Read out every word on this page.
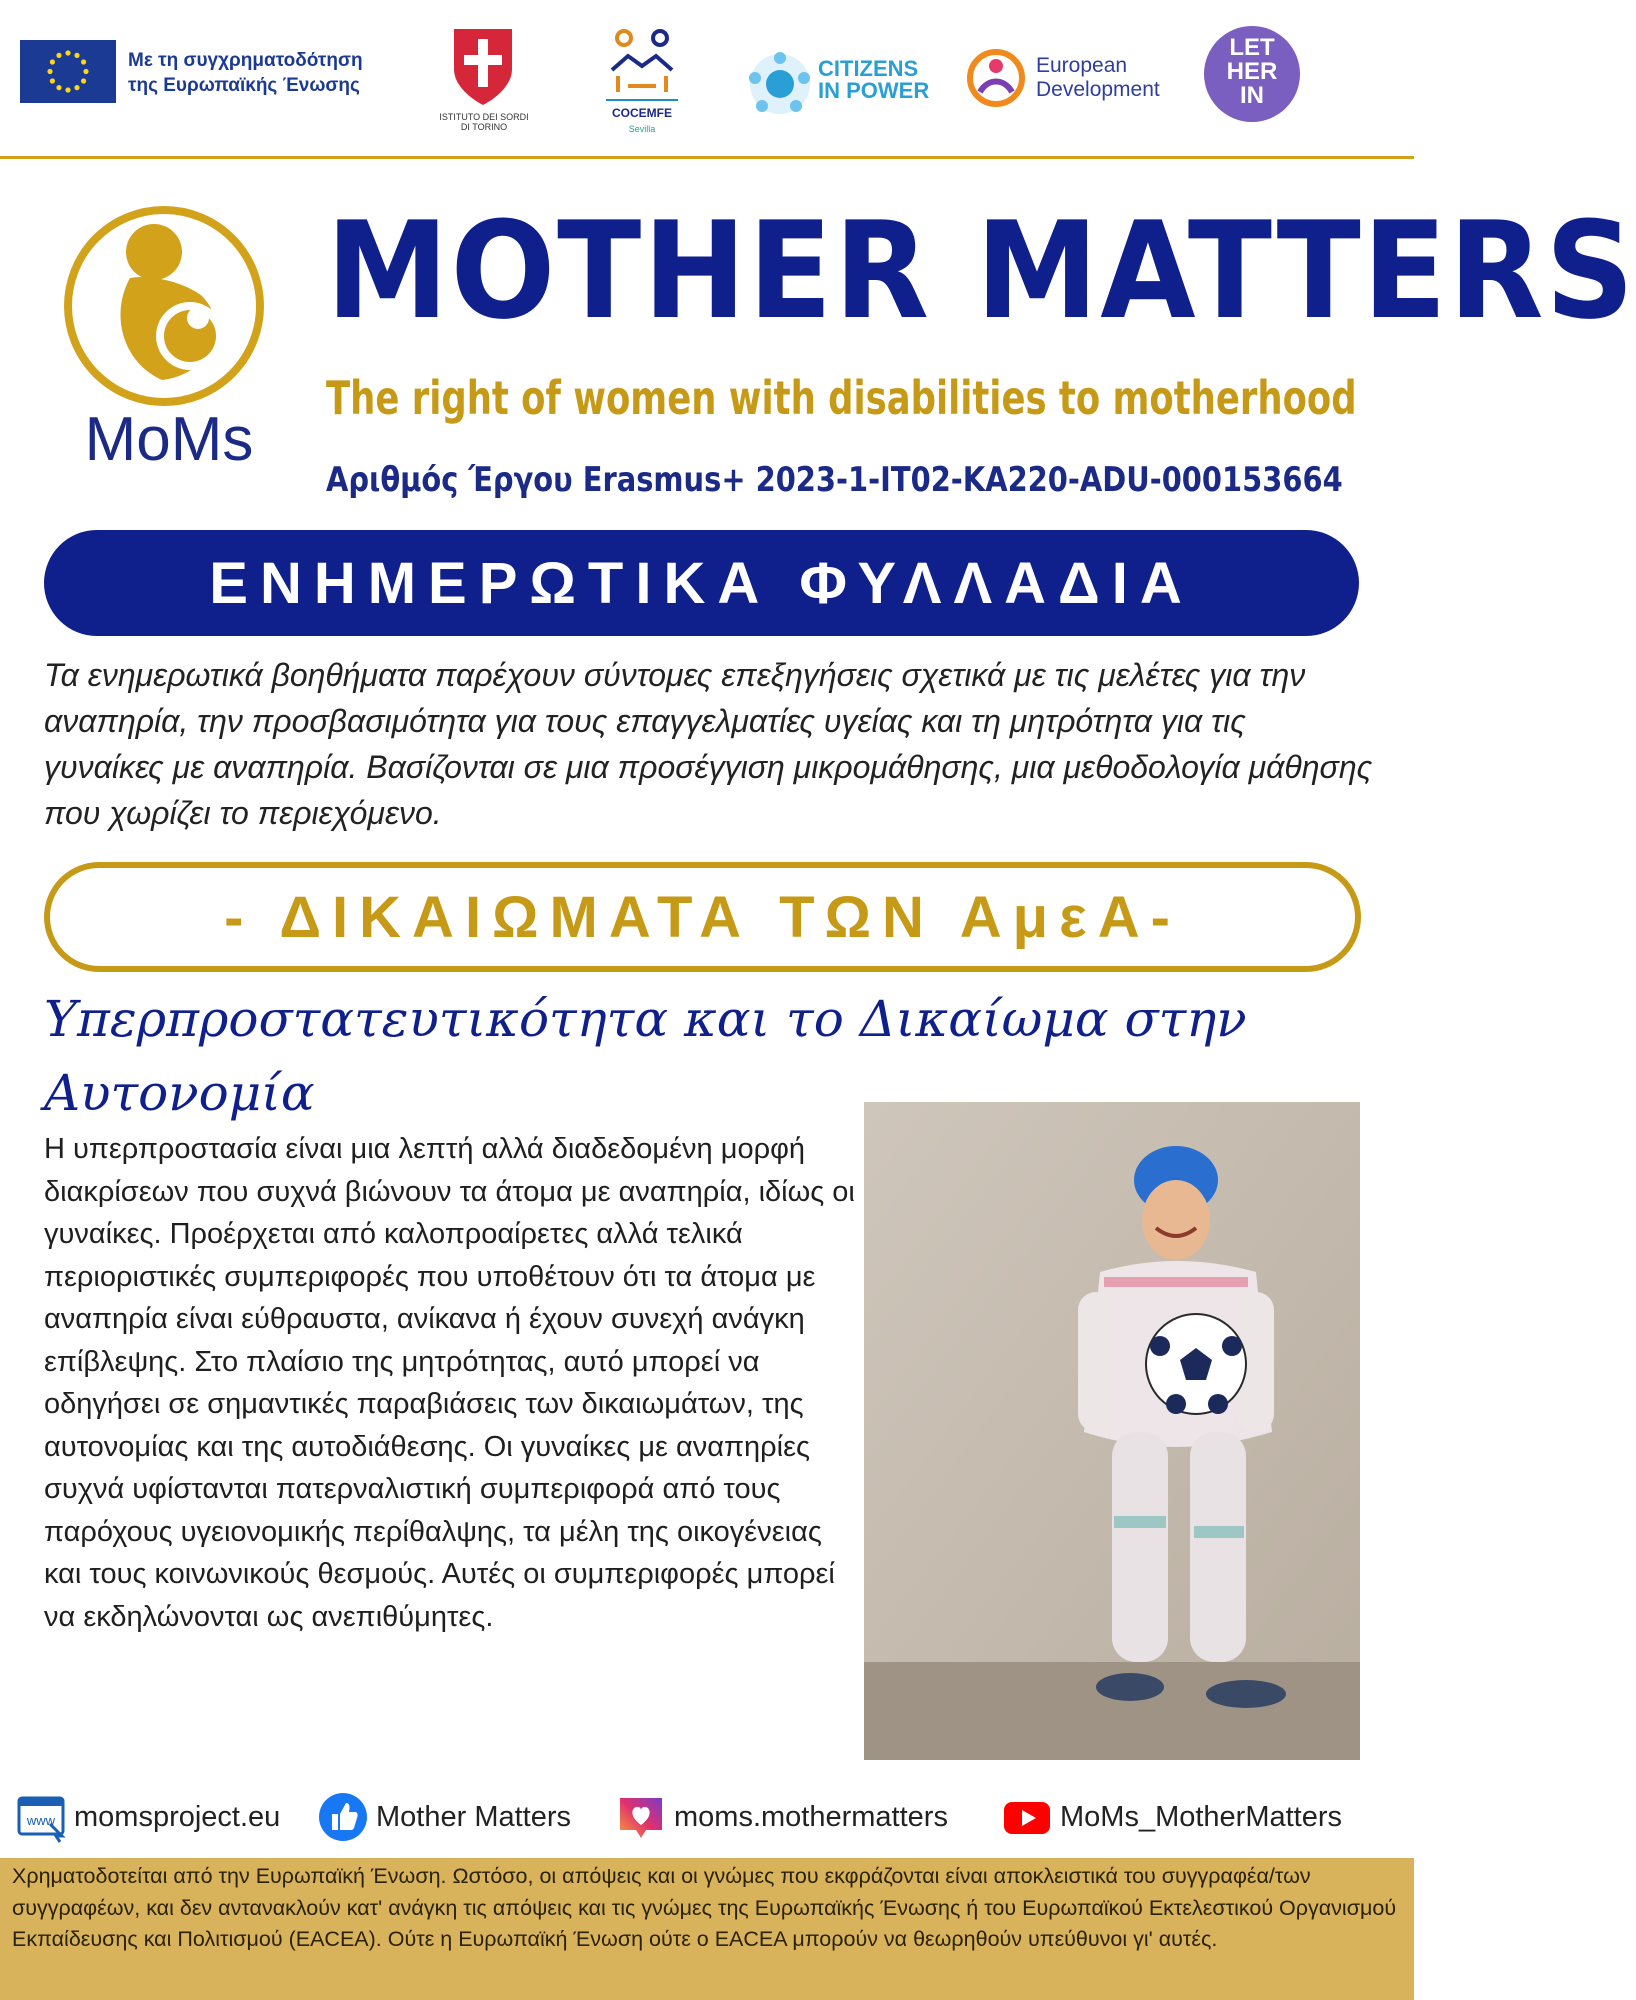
Με τη συγχρηματοδότηση
της Ευρωπαϊκής Ένωσης
ISTITUTO DEI SORDI
DI TORINO
COCEMFE
Sevilla
CITIZENS
IN POWER
European
Development
LET
HER
IN
MoMs
MOTHER MATTERS
The right of women with disabilities to motherhood
Αριθμός Έργου Erasmus+ 2023-1-IT02-KA220-ADU-000153664
ΕΝΗΜΕΡΩΤΙΚΑ ΦΥΛΛΑΔΙΑ
Τα ενημερωτικά βοηθήματα παρέχουν σύντομες επεξηγήσεις σχετικά με τις μελέτες για την αναπηρία, την προσβασιμότητα για τους επαγγελματίες υγείας και τη μητρότητα για τις γυναίκες με αναπηρία. Βασίζονται σε μια προσέγγιση μικρομάθησης, μια μεθοδολογία μάθησης που χωρίζει το περιεχόμενο.
- ΔΙΚΑΙΩΜΑΤΑ ΤΩΝ ΑμεΑ-
Υπερπροστατευτικότητα και το Δικαίωμα στην Αυτονομία
Η υπερπροστασία είναι μια λεπτή αλλά διαδεδομένη μορφή διακρίσεων που συχνά βιώνουν τα άτομα με αναπηρία, ιδίως οι γυναίκες. Προέρχεται από καλοπροαίρετες αλλά τελικά περιοριστικές συμπεριφορές που υποθέτουν ότι τα άτομα με αναπηρία είναι εύθραυστα, ανίκανα ή έχουν συνεχή ανάγκη επίβλεψης. Στο πλαίσιο της μητρότητας, αυτό μπορεί να οδηγήσει σε σημαντικές παραβιάσεις των δικαιωμάτων, της αυτονομίας και της αυτοδιάθεσης. Οι γυναίκες με αναπηρίες συχνά υφίστανται πατερναλιστική συμπεριφορά από τους παρόχους υγειονομικής περίθαλψης, τα μέλη της οικογένειας και τους κοινωνικούς θεσμούς. Αυτές οι συμπεριφορές μπορεί να εκδηλώνονται ως ανεπιθύμητες.
www momsproject.eu	Mother Matters	moms.mothermatters	MoMs_MotherMatters
Χρηματοδοτείται από την Ευρωπαϊκή Ένωση. Ωστόσο, οι απόψεις και οι γνώμες που εκφράζονται είναι αποκλειστικά του συγγραφέα/των συγγραφέων, και δεν αντανακλούν κατ' ανάγκη τις απόψεις και τις γνώμες της Ευρωπαϊκής Ένωσης ή του Ευρωπαϊκού Εκτελεστικού Οργανισμού Εκπαίδευσης και Πολιτισμού (EACEA). Ούτε η Ευρωπαϊκή Ένωση ούτε ο EACEA μπορούν να θεωρηθούν υπεύθυνοι γι' αυτές.
